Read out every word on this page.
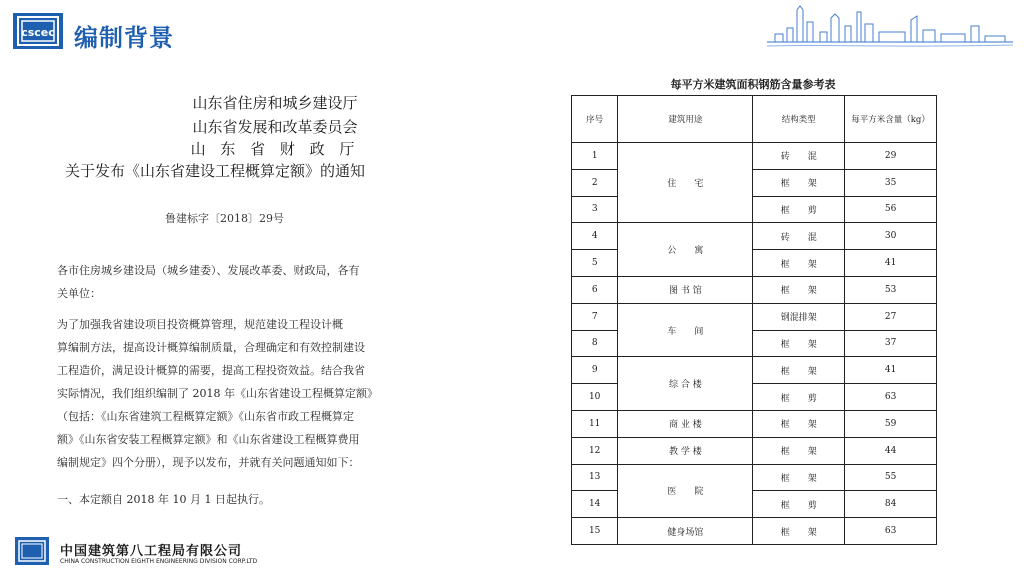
cscec 编制背景
山东省住房和城乡建设厅
山东省发展和改革委员会
山 东 省 财 政 厅
关于发布《山东省建设工程概算定额》的通知
鲁建标字〔2018〕29号
各市住房城乡建设局（城乡建委）、发展改革委、财政局，各有
关单位：
为了加强我省建设项目投资概算管理，规范建设工程设计概
算编制方法，提高设计概算编制质量，合理确定和有效控制建设
工程造价，满足设计概算的需要，提高工程投资效益。结合我省
实际情况，我们组织编制了 2018 年《山东省建设工程概算定额》
（包括：《山东省建筑工程概算定额》《山东省市政工程概算定
额》《山东省安装工程概算定额》和《山东省建设工程概算费用
编制规定》四个分册），现予以发布，并就有关问题通知如下：
一、本定额自 2018 年 10 月 1 日起执行。
每平方米建筑面积钢筋含量参考表
序号	建筑用途	结构类型	每平方米含量（kg）
1	住　　宅	砖　　混	29
2		框　　架	35
3		框　　剪	56
4	公　　寓	砖　　混	30
5		框　　架	41
6	图 书 馆	框　　架	53
7	车　　间	钢混排架	27
8		框　　架	37
9	综 合 楼	框　　架	41
10		框　　剪	63
11	商 业 楼	框　　架	59
12	教 学 楼	框　　架	44
13	医　　院	框　　架	55
14		框　　剪	84
15	健身场馆	框　　架	63
中国建筑第八工程局有限公司
CHINA CONSTRUCTION EIGHTH ENGINEERING DIVISION CORP.LTD
